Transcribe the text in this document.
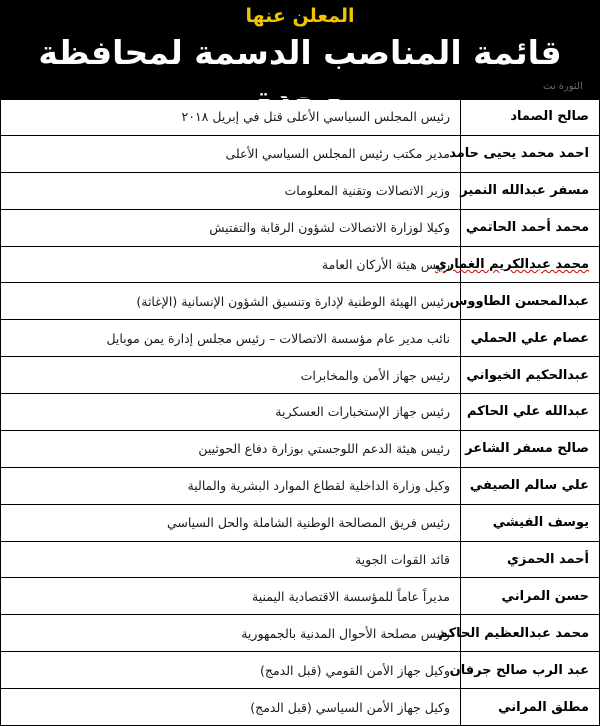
المعلن عنها
قائمة المناصب الدسمة لمحافظة صعدة	الثورة نت
صالح الصماد	رئيس المجلس السياسي الأعلى قتل في إبريل ٢٠١٨
احمد محمد يحيى حامد	مدير مكتب رئيس المجلس السياسي الأعلى
مسفر عبدالله النمير	وزير الاتصالات وتقنية المعلومات
محمد أحمد الحاتمي	وكيلا لوزارة الاتصالات لشؤون الرقابة والتفتيش
محمد عبدالكريم الغماري	رئيس هيئة الأركان العامة
عبدالمحسن الطاووس	رئيس الهيئة الوطنية لإدارة وتنسيق الشؤون الإنسانية (الإغاثة)
عصام علي الحملي	نائب مدير عام مؤسسة الاتصالات – رئيس مجلس إدارة يمن موبايل
عبدالحكيم الخيواني	رئيس جهاز الأمن والمخابرات
عبدالله علي الحاكم	رئيس جهاز الإستخبارات العسكرية
صالح مسفر الشاعر	رئيس هيئة الدعم اللوجستي بوزارة دفاع الحوثيين
علي سالم الصيفي	وكيل وزارة الداخلية لقطاع الموارد البشرية والمالية
يوسف الفيشي	رئيس فريق المصالحة الوطنية الشاملة والحل السياسي
أحمد الحمزي	قائد القوات الجوية
حسن المراني	مديراً عاماً للمؤسسة الاقتصادية اليمنية
محمد عبدالعظيم الحاكم	رئيس مصلحة الأحوال المدنية بالجمهورية
عبد الرب صالح جرفان	وكيل جهاز الأمن القومي (قبل الدمج)
مطلق المراني	وكيل جهاز الأمن السياسي (قبل الدمج)
